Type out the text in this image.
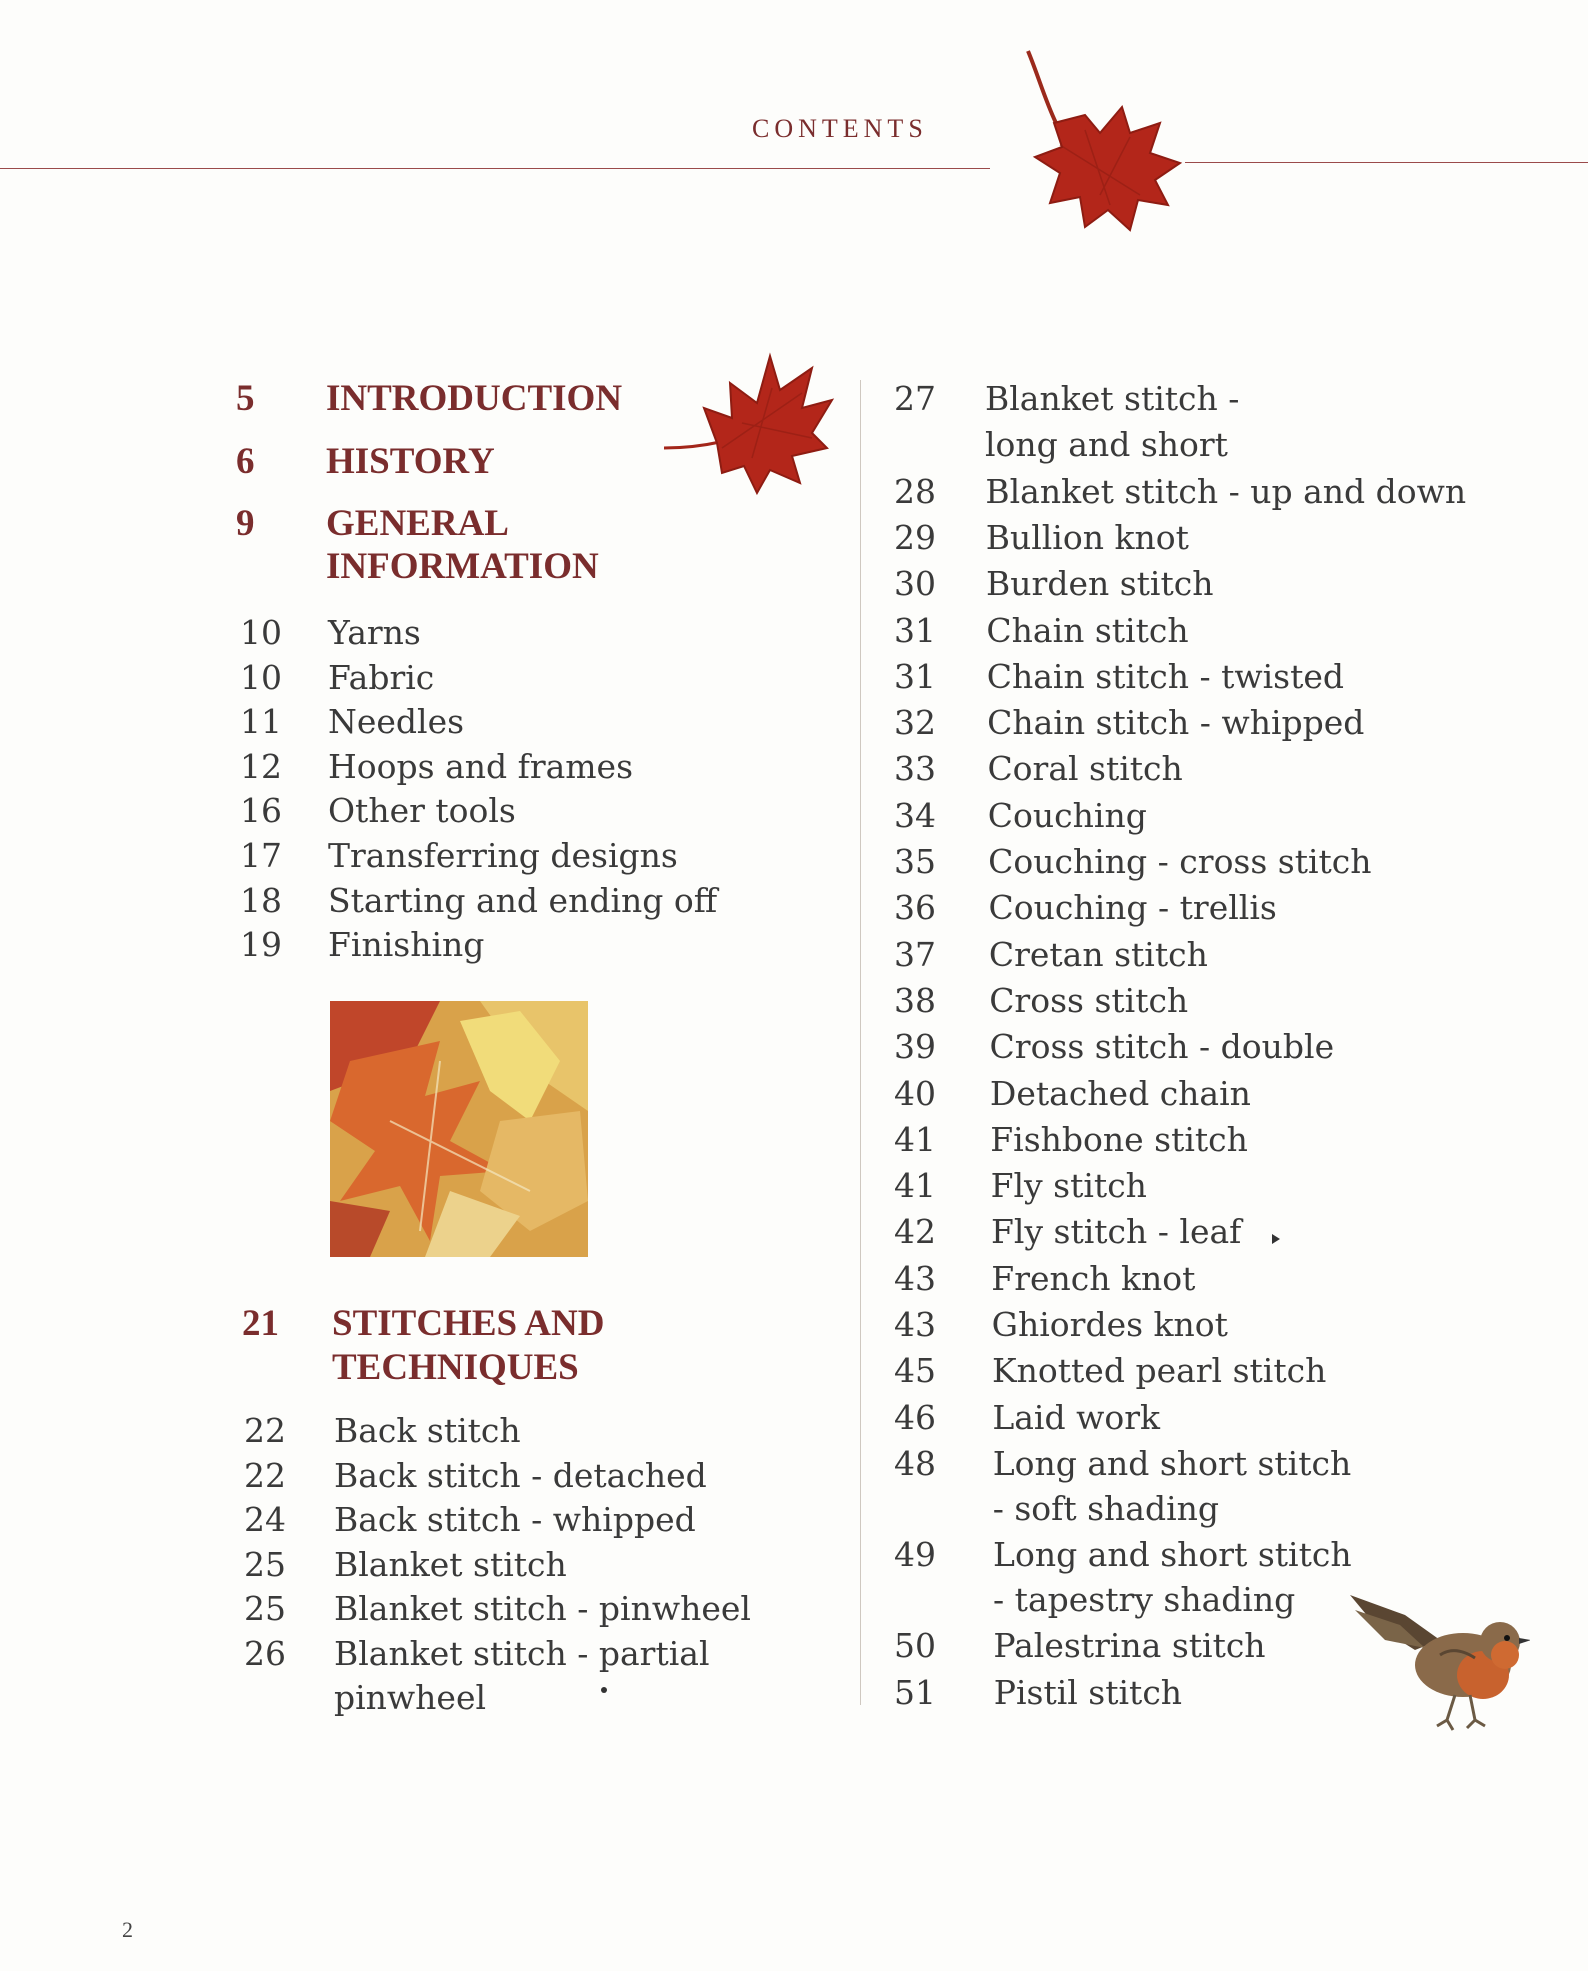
CONTENTS
5 INTRODUCTION
6 HISTORY
9 GENERAL
INFORMATION
10 Yarns
10 Fabric
11 Needles
12 Hoops and frames
16 Other tools
17 Transferring designs
18 Starting and ending off
19 Finishing
21 STITCHES AND
TECHNIQUES
22 Back stitch
22 Back stitch - detached
24 Back stitch - whipped
25 Blanket stitch
25 Blanket stitch - pinwheel
26 Blanket stitch - partial
pinwheel
27 Blanket stitch -
long and short
28 Blanket stitch - up and down
29 Bullion knot
30 Burden stitch
31 Chain stitch
31 Chain stitch - twisted
32 Chain stitch - whipped
33 Coral stitch
34 Couching
35 Couching - cross stitch
36 Couching - trellis
37 Cretan stitch
38 Cross stitch
39 Cross stitch - double
40 Detached chain
41 Fishbone stitch
41 Fly stitch
42 Fly stitch - leaf
43 French knot
43 Ghiordes knot
45 Knotted pearl stitch
46 Laid work
48 Long and short stitch
- soft shading
49 Long and short stitch
- tapestry shading
50 Palestrina stitch
51 Pistil stitch
2
